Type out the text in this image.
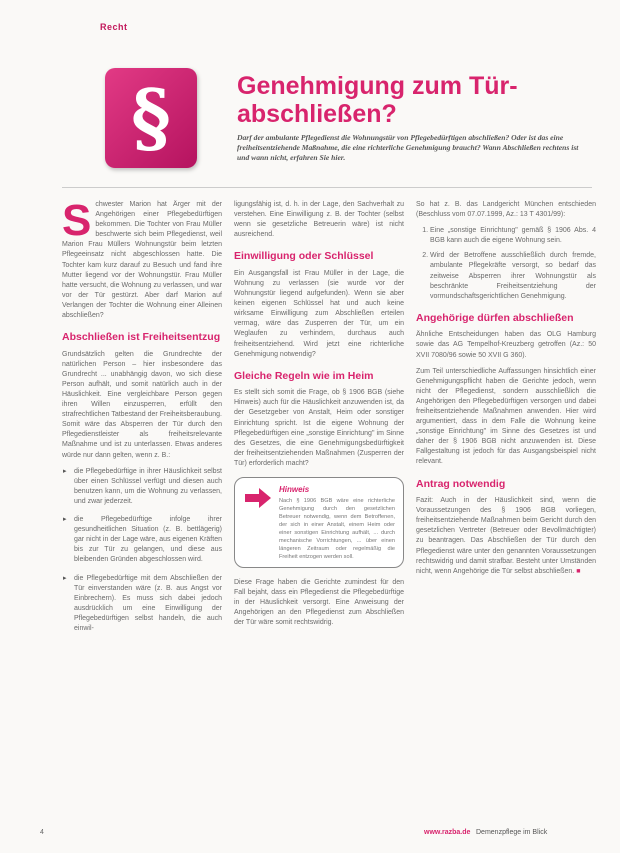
Recht
§	Genehmigung zum Tür-abschließen?
Darf der ambulante Pflegedienst die Wohnungstür von Pflegebedürftigen abschließen? Oder ist das eine freiheitsentziehende Maßnahme, die eine richterliche Genehmigung braucht? Wann Abschließen rechtens ist und wann nicht, erfahren Sie hier.

Schwester Marion hat Ärger mit der Angehörigen einer Pflegebedürftigen bekommen. Die Tochter von Frau Müller beschwerte sich beim Pflegedienst, weil Marion Frau Müllers Wohnungstür beim letzten Pflegeeinsatz nicht abgeschlossen hatte. Die Tochter kam kurz darauf zu Besuch und fand ihre Mutter liegend vor der Wohnungstür. Frau Müller hatte versucht, die Wohnung zu verlassen, und war vor der Tür gestürzt. Aber darf Marion auf Verlangen der Tochter die Wohnung einer Alleinen abschließen?

Abschließen ist Freiheitsentzug

Grundsätzlich gelten die Grundrechte der natürlichen Person – hier insbesondere das Grundrecht ... unabhängig davon, wo sich diese Person aufhält, und somit natürlich auch in der Häuslichkeit. Eine vergleichbare Person gegen ihren Willen einzusperren, erfüllt den strafrechtlichen Tatbestand der Freiheitsberaubung. Somit wäre das Absperren der Tür durch den Pflegedienstleister als freiheitsrelevante Maßnahme und ist zu unterlassen. Etwas anderes würde nur dann gelten, wenn z. B.:

▸ die Pflegebedürftige in ihrer Häuslichkeit selbst über einen Schlüssel verfügt und diesen auch benutzen kann, um die Wohnung zu verlassen, und zwar jederzeit.
▸ die Pflegebedürftige infolge ihrer gesundheitlichen Situation (z. B. bettlägerig) gar nicht in der Lage wäre, aus eigenen Kräften bis zur Tür zu gelangen, und diese aus bleibenden Gründen abgeschlossen wird.
▸ die Pflegebedürftige mit dem Abschließen der Tür einverstanden wäre (z. B. aus Angst vor Einbrechern). Es muss sich dabei jedoch ausdrücklich um eine Einwilligung der Pflegebedürftigen selbst handeln, die auch einwil-

ligungsfähig ist, d. h. in der Lage, den Sachverhalt zu verstehen. Eine Einwilligung z. B. der Tochter (selbst wenn sie gesetzliche Betreuerin wäre) ist nicht ausreichend.

Einwilligung oder Schlüssel

Ein Ausgangsfall ist Frau Müller in der Lage, die Wohnung zu verlassen (sie wurde vor der Wohnungstür liegend aufgefunden). Wenn sie aber keinen eigenen Schlüssel hat und auch keine wirksame Einwilligung zum Abschließen erteilen vermag, wäre das Zusperren der Tür, um ein Weglaufen zu verhindern, durchaus auch freiheitsentziehend. Wird jetzt eine richterliche Genehmigung notwendig?

Gleiche Regeln wie im Heim

Es stellt sich somit die Frage, ob § 1906 BGB (siehe Hinweis) auch für die Häuslichkeit anzuwenden ist, da der Gesetzgeber von Anstalt, Heim oder sonstiger Einrichtung spricht. Ist die eigene Wohnung der Pflegebedürftigen eine „sonstige Einrichtung" im Sinne des Gesetzes, die eine Genehmigungsbedürftigkeit der freiheitsentziehenden Maßnahmen (Zusperren der Tür) erforderlich macht?

Hinweis
Nach § 1906 BGB wäre eine richterliche Genehmigung durch den gesetzlichen Betreuer notwendig, wenn dem Betroffenen, der sich in einer Anstalt, einem Heim oder einer sonstigen Einrichtung aufhält, ... durch mechanische Vorrichtungen, ... über einen längeren Zeitraum oder regelmäßig die Freiheit entzogen werden soll.

Diese Frage haben die Gerichte zumindest für den Fall bejaht, dass ein Pflegedienst die Pflegebedürftige in der Häuslichkeit versorgt. Eine Anweisung der Angehörigen an den Pflegedienst zum Abschließen der Tür wäre somit rechtswidrig.

So hat z. B. das Landgericht München entschieden (Beschluss vom 07.07.1999, Az.: 13 T 4301/99):

1. Eine „sonstige Einrichtung" gemäß § 1906 Abs. 4 BGB kann auch die eigene Wohnung sein.
2. Wird der Betroffene ausschließlich durch fremde, ambulante Pflegekräfte versorgt, so bedarf das zeitweise Absperren ihrer Wohnungstür als beschränkte Freiheitsentziehung der vormundschaftsgerichtlichen Genehmigung.
Angehörige dürfen abschließen

Ähnliche Entscheidungen haben das OLG Hamburg sowie das AG Tempelhof-Kreuzberg getroffen (Az.: 50 XVII 7080/96 sowie 50 XVII G 360).

Zum Teil unterschiedliche Auffassungen hinsichtlich einer Genehmigungspflicht haben die Gerichte jedoch, wenn nicht der Pflegedienst, sondern ausschließlich die Angehörigen den Pflegebedürftigen versorgen und dabei freiheitsentziehende Maßnahmen anwenden. Hier wird argumentiert, dass in dem Falle die Wohnung keine „sonstige Einrichtung" im Sinne des Gesetzes ist und daher der § 1906 BGB nicht anzuwenden ist. Diese Fallgestaltung ist jedoch für das Ausgangsbeispiel nicht relevant.

Antrag notwendig

Fazit: Auch in der Häuslichkeit sind, wenn die Voraussetzungen des § 1906 BGB vorliegen, freiheitsentziehende Maßnahmen beim Gericht durch den gesetzlichen Vertreter (Betreuer oder Bevollmächtigter) zu beantragen. Das Abschließen der Tür durch den Pflegedienst wäre unter den genannten Voraussetzungen rechtswidrig und damit strafbar. Besteht unter Umständen nicht, wenn Angehörige die Tür selbst abschließen. ■

4	www.razba.de Demenzpflege im Blick
